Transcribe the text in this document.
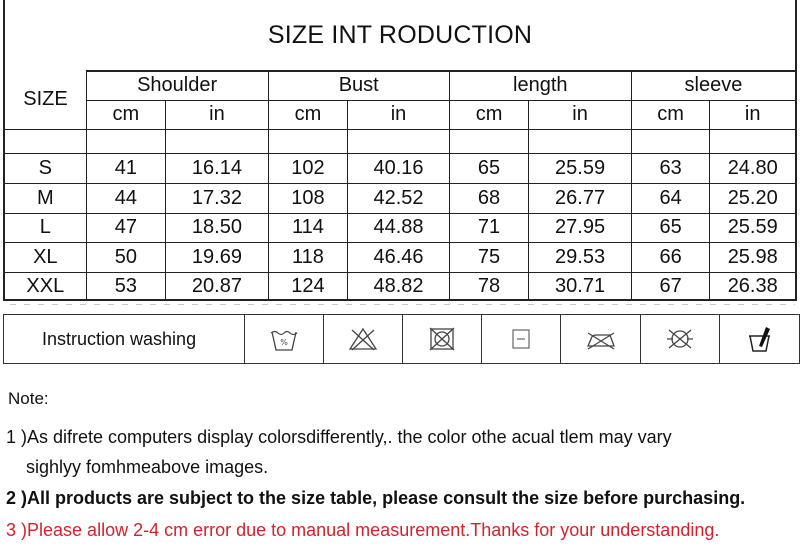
SIZE INT RODUCTION
SIZE
Shoulder	Bust	length	sleeve
cm	in	cm	in	cm	in	cm	in
S	41	16.14	102	40.16	65	25.59	63	24.80
M	44	17.32	108	42.52	68	26.77	64	25.20
L	47	18.50	114	44.88	71	27.95	65	25.59
XL	50	19.69	118	46.46	75	29.53	66	25.98
XXL	53	20.87	124	48.82	78	30.71	67	26.38
Instruction washing	%
Note:
1 )As difrete computers display colorsdifferently,. the color othe acual tlem may vary
sighlyy fomhmeabove images.
2 )All products are subject to the size table, please consult the size before purchasing.
3 )Please allow 2-4 cm error due to manual measurement.Thanks for your understanding.
